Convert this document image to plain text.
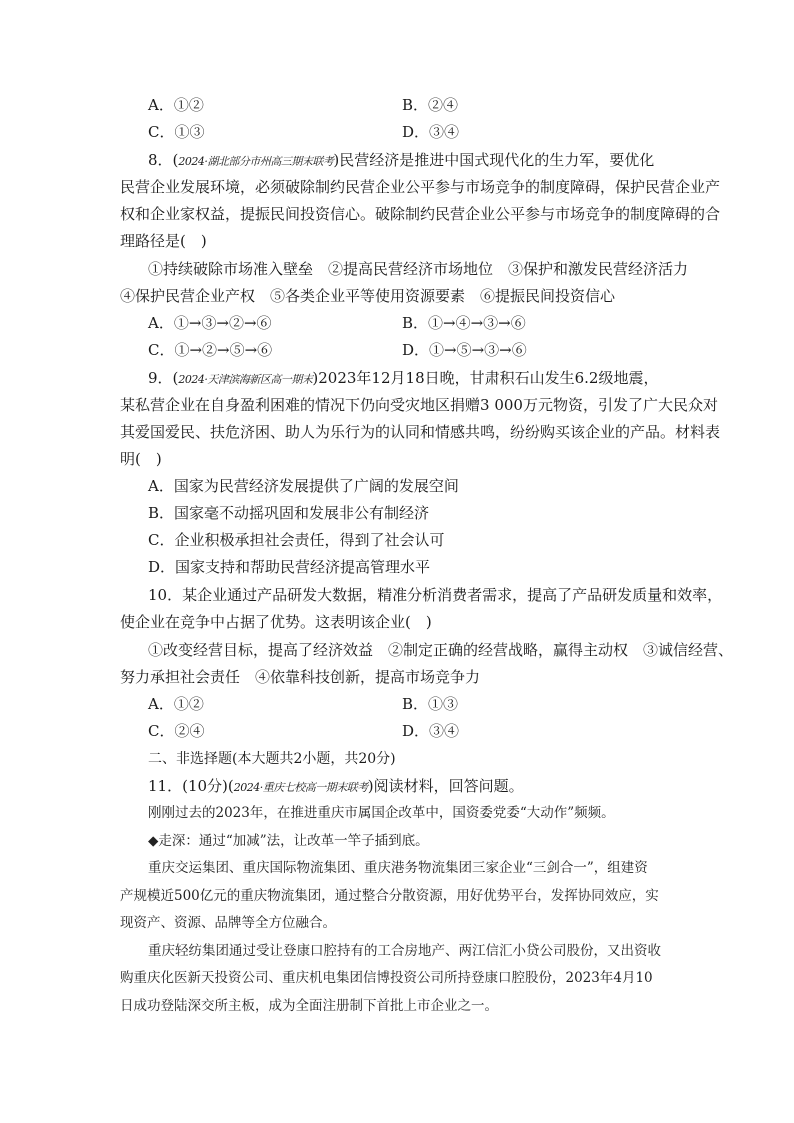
A．①②	B．②④
C．①③	D．③④
8．(2024·湖北部分市州高三期末联考)民营经济是推进中国式现代化的生力军，要优化
民营企业发展环境，必须破除制约民营企业公平参与市场竞争的制度障碍，保护民营企业产
权和企业家权益，提振民间投资信心。破除制约民营企业公平参与市场竞争的制度障碍的合
理路径是(　)
①持续破除市场准入壁垒　②提高民营经济市场地位　③保护和激发民营经济活力
④保护民营企业产权　⑤各类企业平等使用资源要素　⑥提振民间投资信心
A．①→③→②→⑥	B．①→④→③→⑥
C．①→②→⑤→⑥	D．①→⑤→③→⑥
9．(2024·天津滨海新区高一期末)2023年12月18日晚，甘肃积石山发生6.2级地震，
某私营企业在自身盈利困难的情况下仍向受灾地区捐赠3 000万元物资，引发了广大民众对
其爱国爱民、扶危济困、助人为乐行为的认同和情感共鸣，纷纷购买该企业的产品。材料表
明(　)
A．国家为民营经济发展提供了广阔的发展空间
B．国家毫不动摇巩固和发展非公有制经济
C．企业积极承担社会责任，得到了社会认可
D．国家支持和帮助民营经济提高管理水平
10．某企业通过产品研发大数据，精准分析消费者需求，提高了产品研发质量和效率，
使企业在竞争中占据了优势。这表明该企业(　)
①改变经营目标，提高了经济效益　②制定正确的经营战略，赢得主动权　③诚信经营、
努力承担社会责任　④依靠科技创新，提高市场竞争力
A．①②	B．①③
C．②④	D．③④
二、非选择题(本大题共2小题，共20分)
11．(10分)(2024·重庆七校高一期末联考)阅读材料，回答问题。
刚刚过去的2023年，在推进重庆市属国企改革中，国资委党委“大动作”频频。
◆走深：通过“加减”法，让改革一竿子插到底。
重庆交运集团、重庆国际物流集团、重庆港务物流集团三家企业“三剑合一”，组建资
产规模近500亿元的重庆物流集团，通过整合分散资源，用好优势平台，发挥协同效应，实
现资产、资源、品牌等全方位融合。
重庆轻纺集团通过受让登康口腔持有的工合房地产、两江信汇小贷公司股份，又出资收
购重庆化医新天投资公司、重庆机电集团信博投资公司所持登康口腔股份，2023年4月10
日成功登陆深交所主板，成为全面注册制下首批上市企业之一。
